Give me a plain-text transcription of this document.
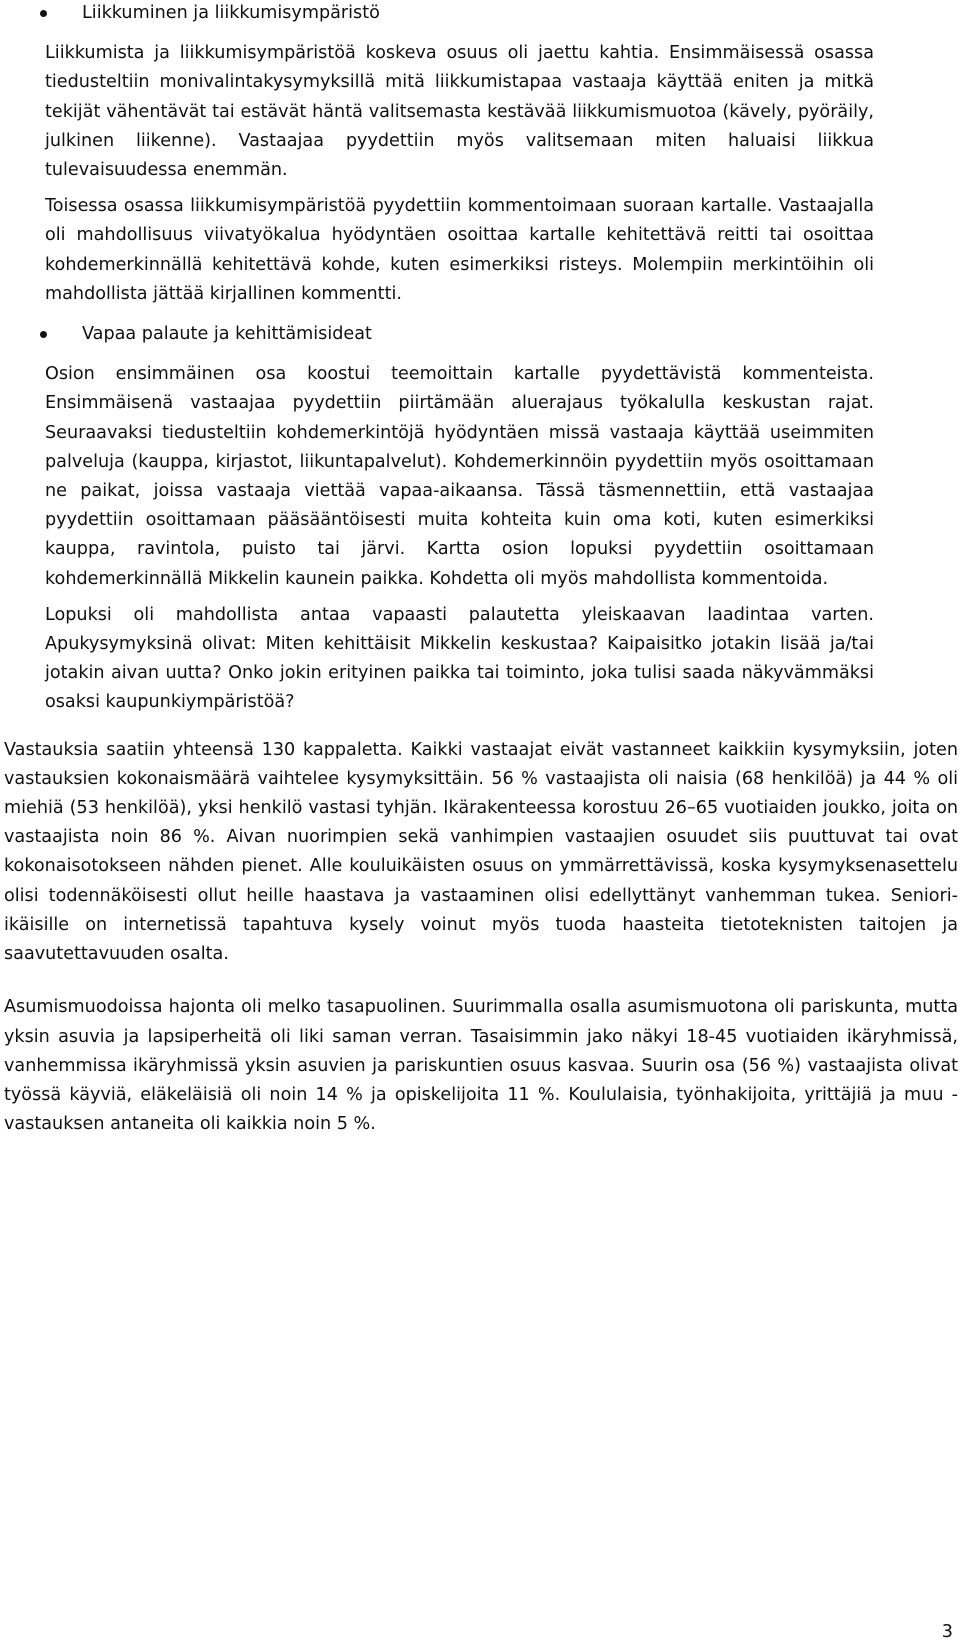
Liikkuminen ja liikkumisympäristö

Liikkumista ja liikkumisympäristöä koskeva osuus oli jaettu kahtia. Ensimmäisessä osassa tiedusteltiin monivalintakysymyksillä mitä liikkumistapaa vastaaja käyttää eniten ja mitkä tekijät vähentävät tai estävät häntä valitsemasta kestävää liikkumismuotoa (kävely, pyöräily, julkinen liikenne). Vastaajaa pyydettiin myös valitsemaan miten haluaisi liikkua tulevaisuudessa enemmän.

Toisessa osassa liikkumisympäristöä pyydettiin kommentoimaan suoraan kartalle. Vastaajalla oli mahdollisuus viivatyökalua hyödyntäen osoittaa kartalle kehitettävä reitti tai osoittaa kohdemerkinnällä kehitettävä kohde, kuten esimerkiksi risteys. Molempiin merkintöihin oli mahdollista jättää kirjallinen kommentti.

Vapaa palaute ja kehittämisideat

Osion ensimmäinen osa koostui teemoittain kartalle pyydettävistä kommenteista. Ensimmäisenä vastaajaa pyydettiin piirtämään aluerajaus työkalulla keskustan rajat. Seuraavaksi tiedusteltiin kohdemerkintöjä hyödyntäen missä vastaaja käyttää useimmiten palveluja (kauppa, kirjastot, liikuntapalvelut). Kohdemerkinnöin pyydettiin myös osoittamaan ne paikat, joissa vastaaja viettää vapaa-aikaansa. Tässä täsmennettiin, että vastaajaa pyydettiin osoittamaan pääsääntöisesti muita kohteita kuin oma koti, kuten esimerkiksi kauppa, ravintola, puisto tai järvi. Kartta osion lopuksi pyydettiin osoittamaan kohdemerkinnällä Mikkelin kaunein paikka. Kohdetta oli myös mahdollista kommentoida.

Lopuksi oli mahdollista antaa vapaasti palautetta yleiskaavan laadintaa varten. Apukysymyksinä olivat: Miten kehittäisit Mikkelin keskustaa? Kaipaisitko jotakin lisää ja/tai jotakin aivan uutta? Onko jokin erityinen paikka tai toiminto, joka tulisi saada näkyvämmäksi osaksi kaupunkiympäristöä?

Vastauksia saatiin yhteensä 130 kappaletta. Kaikki vastaajat eivät vastanneet kaikkiin kysymyksiin, joten vastauksien kokonaismäärä vaihtelee kysymyksittäin. 56 % vastaajista oli naisia (68 henkilöä) ja 44 % oli miehiä (53 henkilöä), yksi henkilö vastasi tyhjän. Ikärakenteessa korostuu 26–65 vuotiaiden joukko, joita on vastaajista noin 86 %. Aivan nuorimpien sekä vanhimpien vastaajien osuudet siis puuttuvat tai ovat kokonaisotokseen nähden pienet. Alle kouluikäisten osuus on ymmärrettävissä, koska kysymyksenasettelu olisi todennäköisesti ollut heille haastava ja vastaaminen olisi edellyttänyt vanhemman tukea. Seniori-ikäisille on internetissä tapahtuva kysely voinut myös tuoda haasteita tietoteknisten taitojen ja saavutettavuuden osalta.

Asumismuodoissa hajonta oli melko tasapuolinen. Suurimmalla osalla asumismuotona oli pariskunta, mutta yksin asuvia ja lapsiperheitä oli liki saman verran. Tasaisimmin jako näkyi 18-45 vuotiaiden ikäryhmissä, vanhemmissa ikäryhmissä yksin asuvien ja pariskuntien osuus kasvaa. Suurin osa (56 %) vastaajista olivat työssä käyviä, eläkeläisiä oli noin 14 % ja opiskelijoita 11 %. Koululaisia, työnhakijoita, yrittäjiä ja muu -vastauksen antaneita oli kaikkia noin 5 %.

3
